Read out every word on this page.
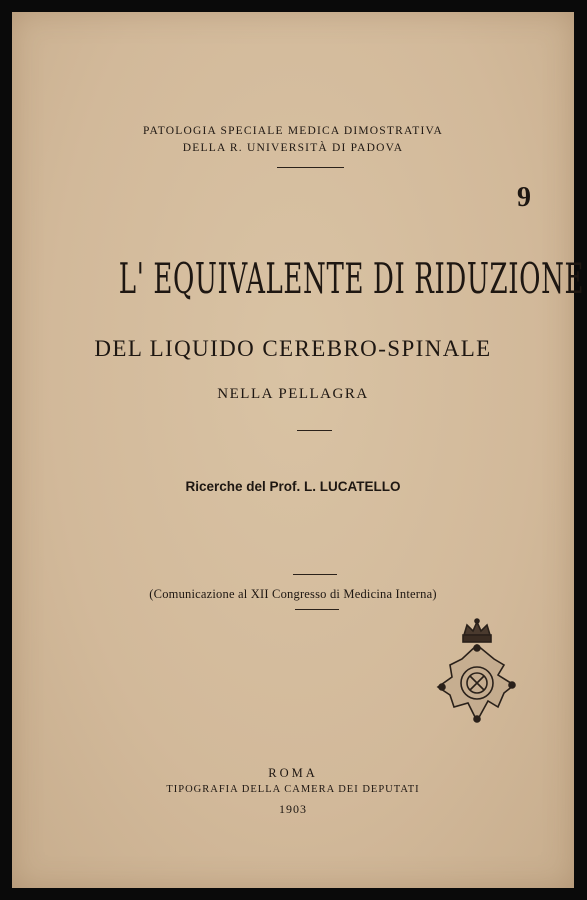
PATOLOGIA SPECIALE MEDICA DIMOSTRATIVA
DELLA R. UNIVERSITÀ DI PADOVA
9
L' EQUIVALENTE DI RIDUZIONE
DEL LIQUIDO CEREBRO-SPINALE
NELLA PELLAGRA
Ricerche del Prof. L. LUCATELLO
(Comunicazione al XII Congresso di Medicina Interna)
ROMA
TIPOGRAFIA DELLA CAMERA DEI DEPUTATI
1903
